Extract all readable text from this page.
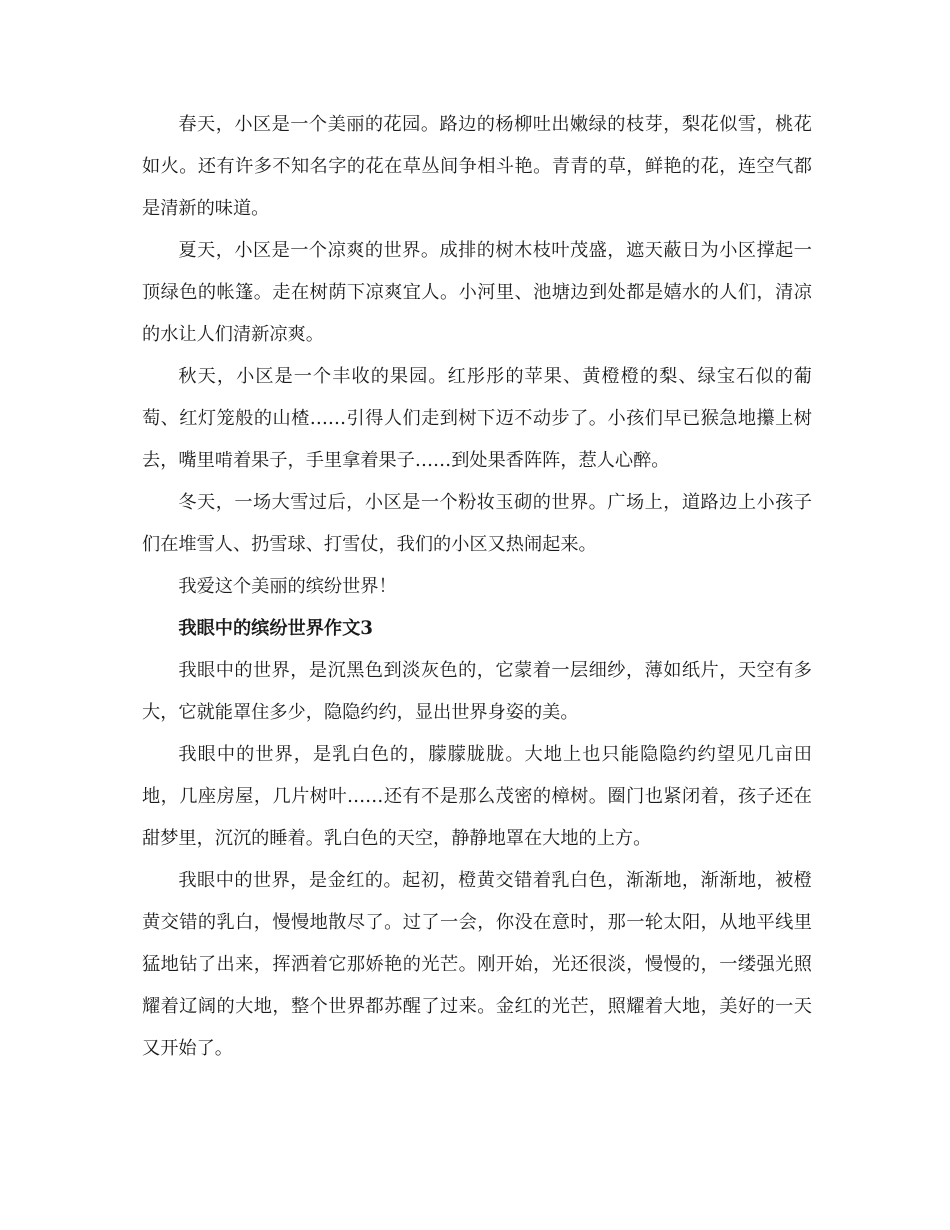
春天，小区是一个美丽的花园。路边的杨柳吐出嫩绿的枝芽，梨花似雪，桃花如火。还有许多不知名字的花在草丛间争相斗艳。青青的草，鲜艳的花，连空气都是清新的味道。

夏天，小区是一个凉爽的世界。成排的树木枝叶茂盛，遮天蔽日为小区撑起一顶绿色的帐篷。走在树荫下凉爽宜人。小河里、池塘边到处都是嬉水的人们，清凉的水让人们清新凉爽。

秋天，小区是一个丰收的果园。红彤彤的苹果、黄橙橙的梨、绿宝石似的葡萄、红灯笼般的山楂……引得人们走到树下迈不动步了。小孩们早已猴急地攥上树去，嘴里啃着果子，手里拿着果子……到处果香阵阵，惹人心醉。

冬天，一场大雪过后，小区是一个粉妆玉砌的世界。广场上，道路边上小孩子们在堆雪人、扔雪球、打雪仗，我们的小区又热闹起来。

我爱这个美丽的缤纷世界！

我眼中的缤纷世界作文3

我眼中的世界，是沉黑色到淡灰色的，它蒙着一层细纱，薄如纸片，天空有多大，它就能罩住多少，隐隐约约，显出世界身姿的美。

我眼中的世界，是乳白色的，朦朦胧胧。大地上也只能隐隐约约望见几亩田地，几座房屋，几片树叶……还有不是那么茂密的樟树。圈门也紧闭着，孩子还在甜梦里，沉沉的睡着。乳白色的天空，静静地罩在大地的上方。

我眼中的世界，是金红的。起初，橙黄交错着乳白色，渐渐地，渐渐地，被橙黄交错的乳白，慢慢地散尽了。过了一会，你没在意时，那一轮太阳，从地平线里猛地钻了出来，挥洒着它那娇艳的光芒。刚开始，光还很淡，慢慢的，一缕强光照耀着辽阔的大地，整个世界都苏醒了过来。金红的光芒，照耀着大地，美好的一天又开始了。
